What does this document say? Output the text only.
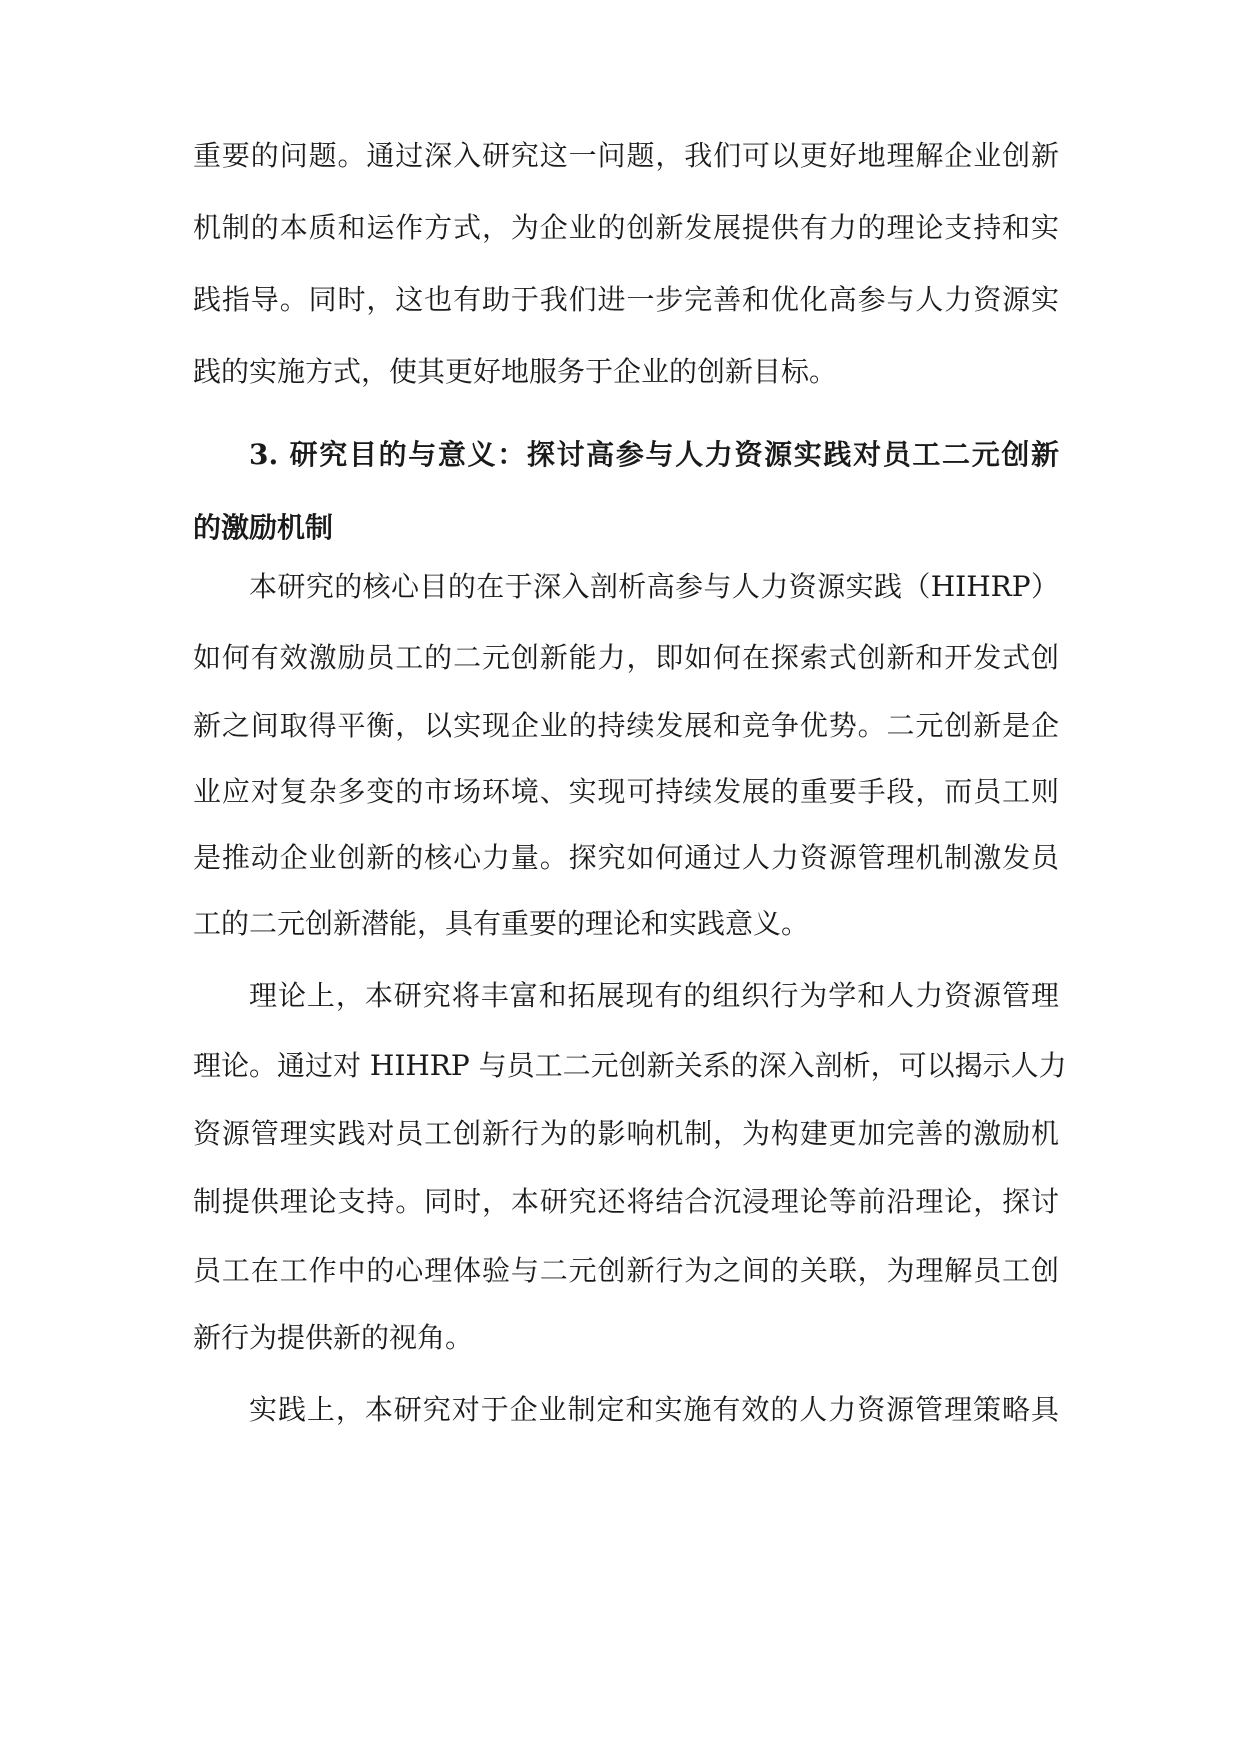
重要的问题。通过深入研究这一问题，我们可以更好地理解企业创新
机制的本质和运作方式，为企业的创新发展提供有力的理论支持和实
践指导。同时，这也有助于我们进一步完善和优化高参与人力资源实
践的实施方式，使其更好地服务于企业的创新目标。
3. 研究目的与意义：探讨高参与人力资源实践对员工二元创新
的激励机制
本研究的核心目的在于深入剖析高参与人力资源实践（HIHRP）
如何有效激励员工的二元创新能力，即如何在探索式创新和开发式创
新之间取得平衡，以实现企业的持续发展和竞争优势。二元创新是企
业应对复杂多变的市场环境、实现可持续发展的重要手段，而员工则
是推动企业创新的核心力量。探究如何通过人力资源管理机制激发员
工的二元创新潜能，具有重要的理论和实践意义。
理论上，本研究将丰富和拓展现有的组织行为学和人力资源管理
理论。通过对 HIHRP 与员工二元创新关系的深入剖析，可以揭示人力
资源管理实践对员工创新行为的影响机制，为构建更加完善的激励机
制提供理论支持。同时，本研究还将结合沉浸理论等前沿理论，探讨
员工在工作中的心理体验与二元创新行为之间的关联，为理解员工创
新行为提供新的视角。
实践上，本研究对于企业制定和实施有效的人力资源管理策略具
